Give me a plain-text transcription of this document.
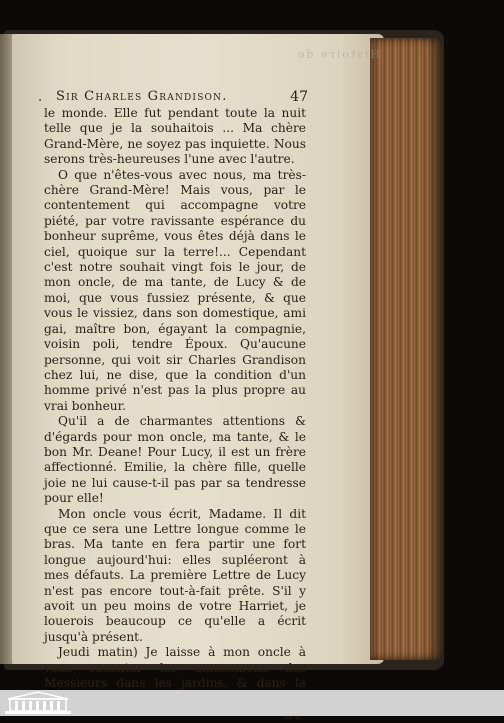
Histoire de
. Sir Charles Grandison.	47

le monde. Elle fut pendant toute la nuit telle que je la souhaitois ... Ma chère Grand-Mère, ne soyez pas inquiette. Nous serons très-heureuses l'une avec l'autre.

O que n'êtes-vous avec nous, ma très-chère Grand-Mère! Mais vous, par le contentement qui accompagne votre piété, par votre ravissante espérance du bonheur suprême, vous êtes déjà dans le ciel, quoique sur la terre!... Cependant c'est notre souhait vingt fois le jour, de mon oncle, de ma tante, de Lucy & de moi, que vous fussiez présente, & que vous le vissiez, dans son domestique, ami gai, maître bon, égayant la compagnie, voisin poli, tendre Époux. Qu'aucune personne, qui voit sir Charles Grandison chez lui, ne dise, que la condition d'un homme privé n'est pas la plus propre au vrai bonheur.

Qu'il a de charmantes attentions & d'égards pour mon oncle, ma tante, & le bon Mr. Deane! Pour Lucy, il est un frère affectionné. Emilie, la chère fille, quelle joie ne lui cause-t-il pas par sa tendresse pour elle!

Mon oncle vous écrit, Madame. Il dit que ce sera une Lettre longue comme le bras. Ma tante en fera partir une fort longue aujourd'hui: elles supléeront à mes défauts. La première Lettre de Lucy n'est pas encore tout-à-fait prête. S'il y avoit un peu moins de votre Harriet, je louerois beaucoup ce qu'elle a écrit jusqu'à présent.

Jeudi matin) Je laisse à mon oncle à vous raconter les amusemens des Messieurs dans les jardins, & dans la
